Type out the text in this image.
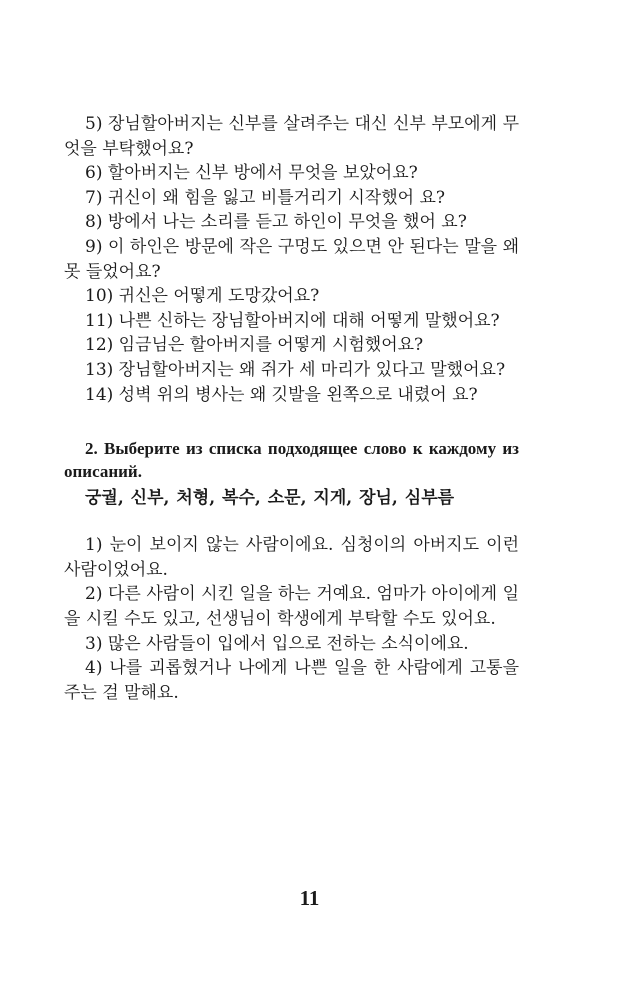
5) 장님할아버지는 신부를 살려주는 대신 신부 부모에게 무엇을 부탁했어요?

6) 할아버지는 신부 방에서 무엇을 보았어요?

7) 귀신이 왜 힘을 잃고 비틀거리기 시작했어 요?

8) 방에서 나는 소리를 듣고 하인이 무엇을 했어 요?

9) 이 하인은 방문에 작은 구멍도 있으면 안 된다는 말을 왜 못 들었어요?

10) 귀신은 어떻게 도망갔어요?

11) 나쁜 신하는 장님할아버지에 대해 어떻게 말했어요?

12) 임금님은 할아버지를 어떻게 시험했어요?

13) 장님할아버지는 왜 쥐가 세 마리가 있다고 말했어요?

14) 성벽 위의 병사는 왜 깃발을 왼쪽으로 내렸어 요?

2. Выберите из списка подходящее слово к каждому из описаний.

궁궐, 신부, 처형, 복수, 소문, 지게, 장님, 심부름

1) 눈이 보이지 않는 사람이에요. 심청이의 아버지도 이런 사람이었어요.

2) 다른 사람이 시킨 일을 하는 거예요. 엄마가 아이에게 일을 시킬 수도 있고, 선생님이 학생에게 부탁할 수도 있어요.

3) 많은 사람들이 입에서 입으로 전하는 소식이에요.

4) 나를 괴롭혔거나 나에게 나쁜 일을 한 사람에게 고통을 주는 걸 말해요.

11
